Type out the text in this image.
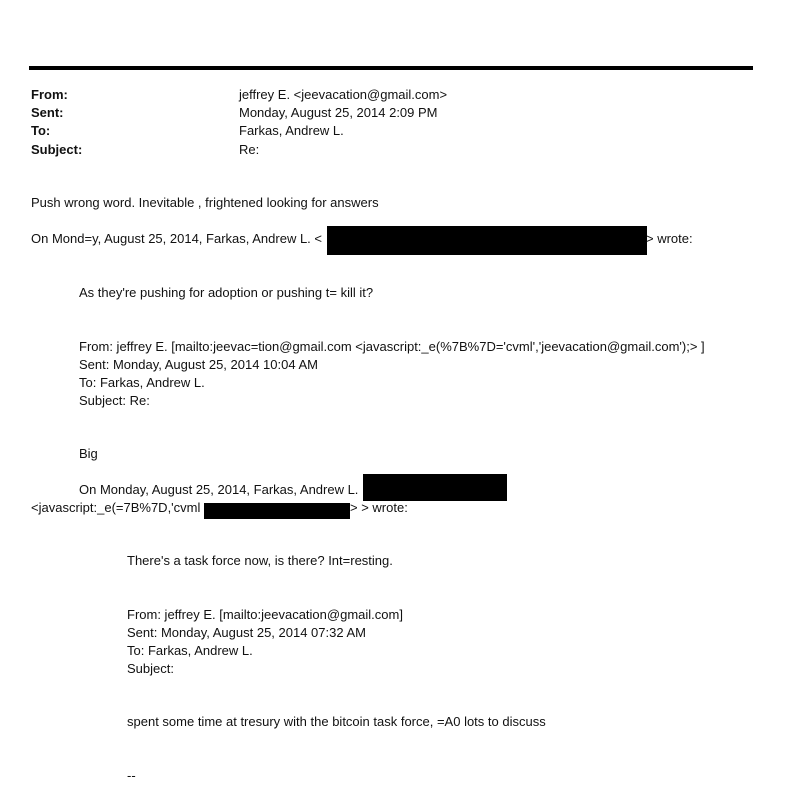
From:
Sent:
To:
Subject:
jeffrey E. <jeevacation@gmail.com>
Monday, August 25, 2014 2:09 PM
Farkas, Andrew L.
Re:
Push wrong word. Inevitable , frightened looking for answers
On Mond=y, August 25, 2014, Farkas, Andrew L. <	> wrote:
As they're pushing for adoption or pushing t= kill it?
From: jeffrey E. [mailto:jeevac=tion@gmail.com <javascript:_e(%7B%7D='cvml','jeevacation@gmail.com');> ]
Sent: Monday, August 25, 2014 10:04 AM
To: Farkas, Andrew L.
Subject: Re:
Big
On Monday, August 25, 2014, Farkas, Andrew L.
<javascript:_e(=7B%7D,'cvml	> > wrote:
There's a task force now, is there? Int=resting.
From: jeffrey E. [mailto:jeevacation@gmail.com]
Sent: Monday, August 25, 2014 07:32 AM
To: Farkas, Andrew L.
Subject:
spent some time at tresury with the bitcoin task force, =A0 lots to discuss
--
